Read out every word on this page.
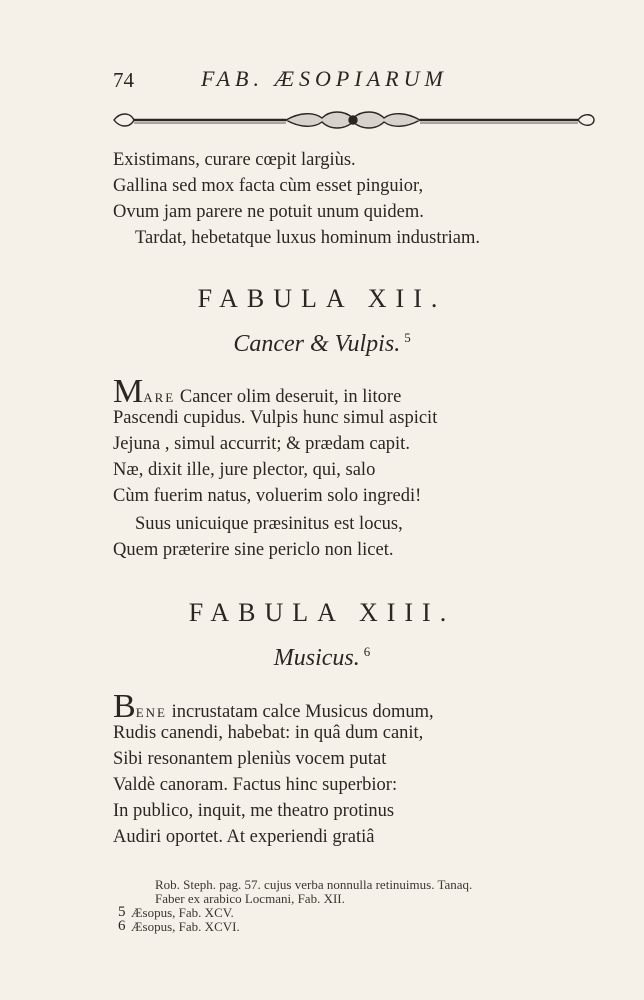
74	FAB. ÆSOPIARUM
Existimans, curare cœpit largiùs.
Gallina sed mox facta cùm esset pinguior,
Ovum jam parere ne potuit unum quidem.
Tardat, hebetatque luxus hominum industriam.
FABULA XII.
Cancer & Vulpis. $^5$
MARE Cancer olim deseruit, in litore
Pascendi cupidus. Vulpis hunc simul aspicit
Jejuna , simul accurrit; & prædam capit.
Næ, dixit ille, jure plector, qui, salo
Cùm fuerim natus, voluerim solo ingredi!
Suus unicuique præsinitus est locus,
Quem præterire sine periclo non licet.
FABULA XIII.
Musicus. $^6$
BENE incrustatam calce Musicus domum,
Rudis canendi, habebat: in quâ dum canit,
Sibi resonantem pleniùs vocem putat
Valdè canoram. Factus hinc superbior:
In publico, inquit, me theatro protinus
Audiri oportet. At experiendi gratiâ
Rob. Steph. pag. 57. cujus verba nonnulla retinuimus. Tanaq.
Faber ex arabico Locmani, Fab. XII.
5 Æsopus, Fab. XCV.
6 Æsopus, Fab. XCVI.
